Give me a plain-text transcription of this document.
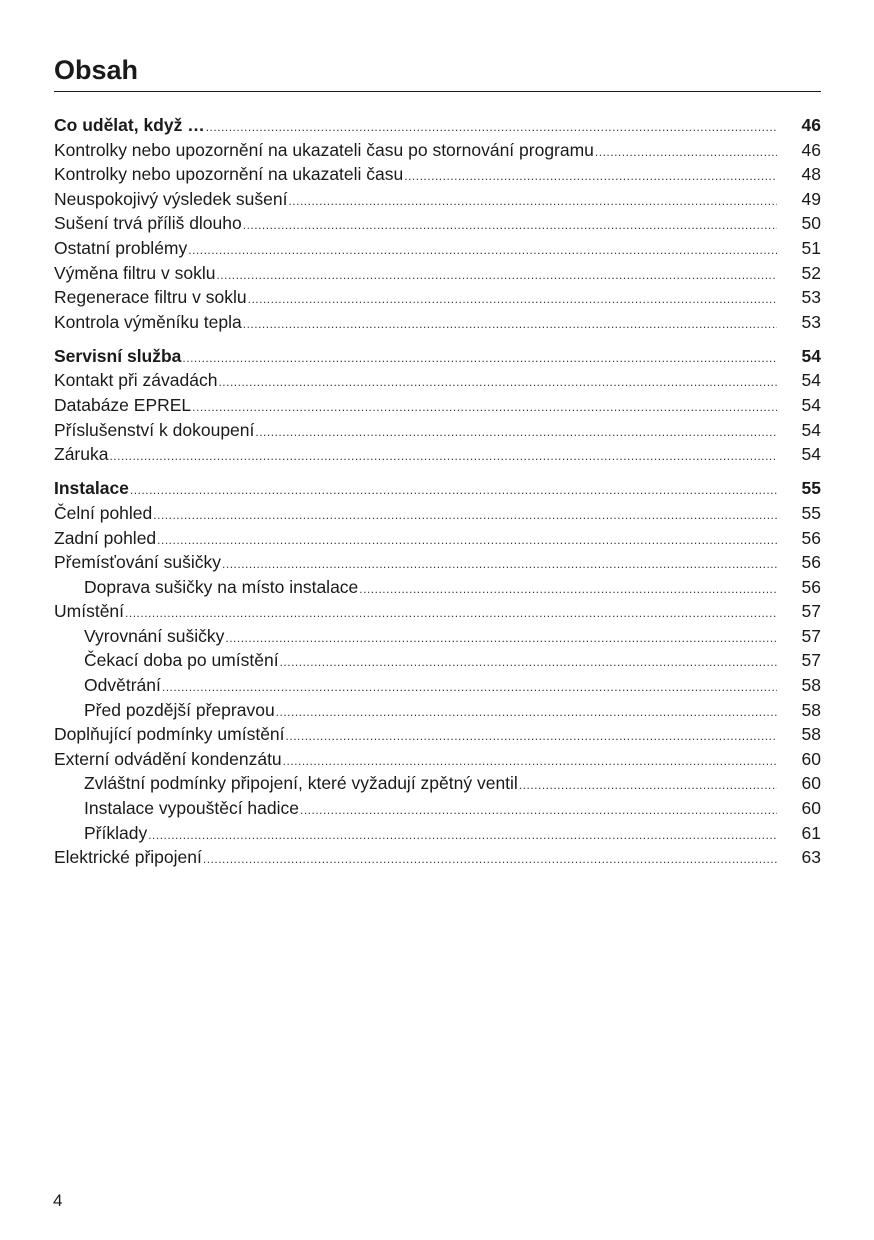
Obsah
Co udělat, když … .....	46
Kontrolky nebo upozornění na ukazateli času po stornování programu .....	46
Kontrolky nebo upozornění na ukazateli času .....	48
Neuspokojivý výsledek sušení .....	49
Sušení trvá příliš dlouho .....	50
Ostatní problémy .....	51
Výměna filtru v soklu .....	52
Regenerace filtru v soklu .....	53
Kontrola výměníku tepla .....	53
Servisní služba .....	54
Kontakt při závadách .....	54
Databáze EPREL .....	54
Příslušenství k dokoupení .....	54
Záruka .....	54
Instalace .....	55
Čelní pohled .....	55
Zadní pohled .....	56
Přemísťování sušičky .....	56
Doprava sušičky na místo instalace .....	56
Umístění .....	57
Vyrovnání sušičky .....	57
Čekací doba po umístění .....	57
Odvětrání .....	58
Před pozdější přepravou .....	58
Doplňující podmínky umístění .....	58
Externí odvádění kondenzátu .....	60
Zvláštní podmínky připojení, které vyžadují zpětný ventil .....	60
Instalace vypouštěcí hadice .....	60
Příklady .....	61
Elektrické připojení .....	63
4
